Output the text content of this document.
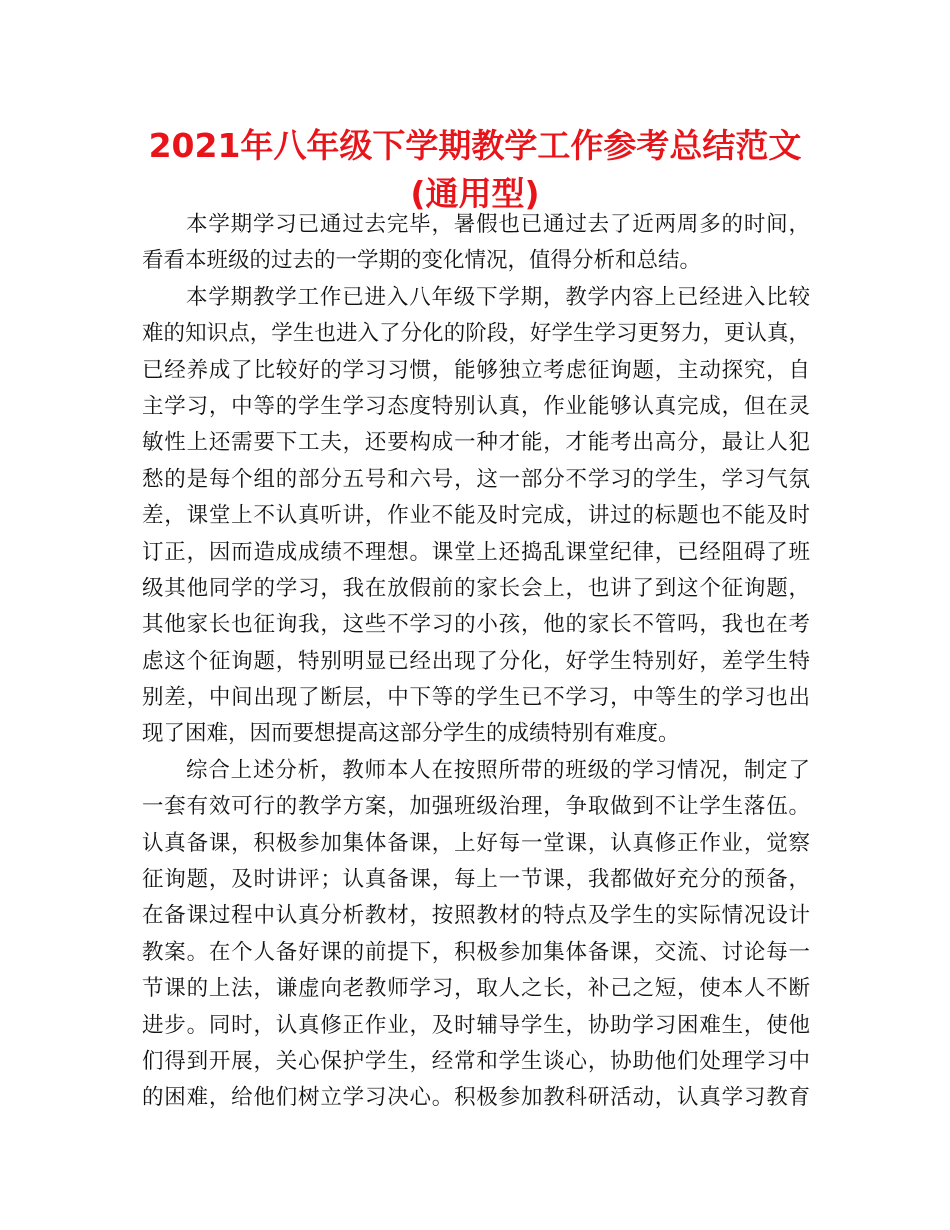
2021年八年级下学期教学工作参考总结范文
(通用型)
本学期学习已通过去完毕，暑假也已通过去了近两周多的时间，
看看本班级的过去的一学期的变化情况，值得分析和总结。
本学期教学工作已进入八年级下学期，教学内容上已经进入比较
难的知识点，学生也进入了分化的阶段，好学生学习更努力，更认真，
已经养成了比较好的学习习惯，能够独立考虑征询题，主动探究，自
主学习，中等的学生学习态度特别认真，作业能够认真完成，但在灵
敏性上还需要下工夫，还要构成一种才能，才能考出高分，最让人犯
愁的是每个组的部分五号和六号，这一部分不学习的学生，学习气氛
差，课堂上不认真听讲，作业不能及时完成，讲过的标题也不能及时
订正，因而造成成绩不理想。课堂上还捣乱课堂纪律，已经阻碍了班
级其他同学的学习，我在放假前的家长会上，也讲了到这个征询题，
其他家长也征询我，这些不学习的小孩，他的家长不管吗，我也在考
虑这个征询题，特别明显已经出现了分化，好学生特别好，差学生特
别差，中间出现了断层，中下等的学生已不学习，中等生的学习也出
现了困难，因而要想提高这部分学生的成绩特别有难度。
综合上述分析，教师本人在按照所带的班级的学习情况，制定了
一套有效可行的教学方案，加强班级治理，争取做到不让学生落伍。
认真备课，积极参加集体备课，上好每一堂课，认真修正作业，觉察
征询题，及时讲评；认真备课，每上一节课，我都做好充分的预备，
在备课过程中认真分析教材，按照教材的特点及学生的实际情况设计
教案。在个人备好课的前提下，积极参加集体备课，交流、讨论每一
节课的上法，谦虚向老教师学习，取人之长，补己之短，使本人不断
进步。同时，认真修正作业，及时辅导学生，协助学习困难生，使他
们得到开展，关心保护学生，经常和学生谈心，协助他们处理学习中
的困难，给他们树立学习决心。积极参加教科研活动，认真学习教育
